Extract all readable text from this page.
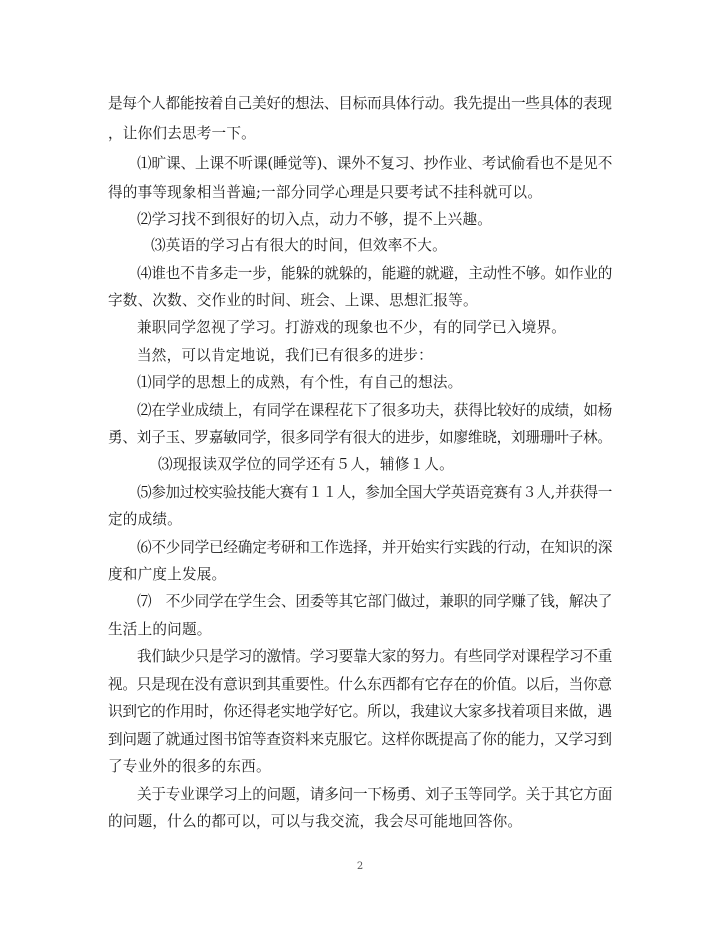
是每个人都能按着自己美好的想法、目标而具体行动。我先提出一些具体的表现
，让你们去思考一下。
⑴旷课、上课不听课(睡觉等)、课外不复习、抄作业、考试偷看也不是见不
得的事等现象相当普遍;一部分同学心理是只要考试不挂科就可以。
⑵学习找不到很好的切入点，动力不够，提不上兴趣。
⑶英语的学习占有很大的时间，但效率不大。
⑷谁也不肯多走一步，能躲的就躲的，能避的就避，主动性不够。如作业的
字数、次数、交作业的时间、班会、上课、思想汇报等。
兼职同学忽视了学习。打游戏的现象也不少，有的同学已入境界。
当然，可以肯定地说，我们已有很多的进步：
⑴同学的思想上的成熟，有个性，有自己的想法。
⑵在学业成绩上，有同学在课程花下了很多功夫，获得比较好的成绩，如杨
勇、刘子玉、罗嘉敏同学，很多同学有很大的进步，如廖维晓，刘珊珊叶子林。
⑶现报读双学位的同学还有５人，辅修１人。
⑸参加过校实验技能大赛有１１人，参加全国大学英语竞赛有３人,并获得一
定的成绩。
⑹不少同学已经确定考研和工作选择，并开始实行实践的行动，在知识的深
度和广度上发展。
⑺　不少同学在学生会、团委等其它部门做过，兼职的同学赚了钱，解决了
生活上的问题。
我们缺少只是学习的激情。学习要靠大家的努力。有些同学对课程学习不重
视。只是现在没有意识到其重要性。什么东西都有它存在的价值。以后，当你意
识到它的作用时，你还得老实地学好它。所以，我建议大家多找着项目来做，遇
到问题了就通过图书馆等查资料来克服它。这样你既提高了你的能力，又学习到
了专业外的很多的东西。
关于专业课学习上的问题，请多问一下杨勇、刘子玉等同学。关于其它方面
的问题，什么的都可以，可以与我交流，我会尽可能地回答你。
2
